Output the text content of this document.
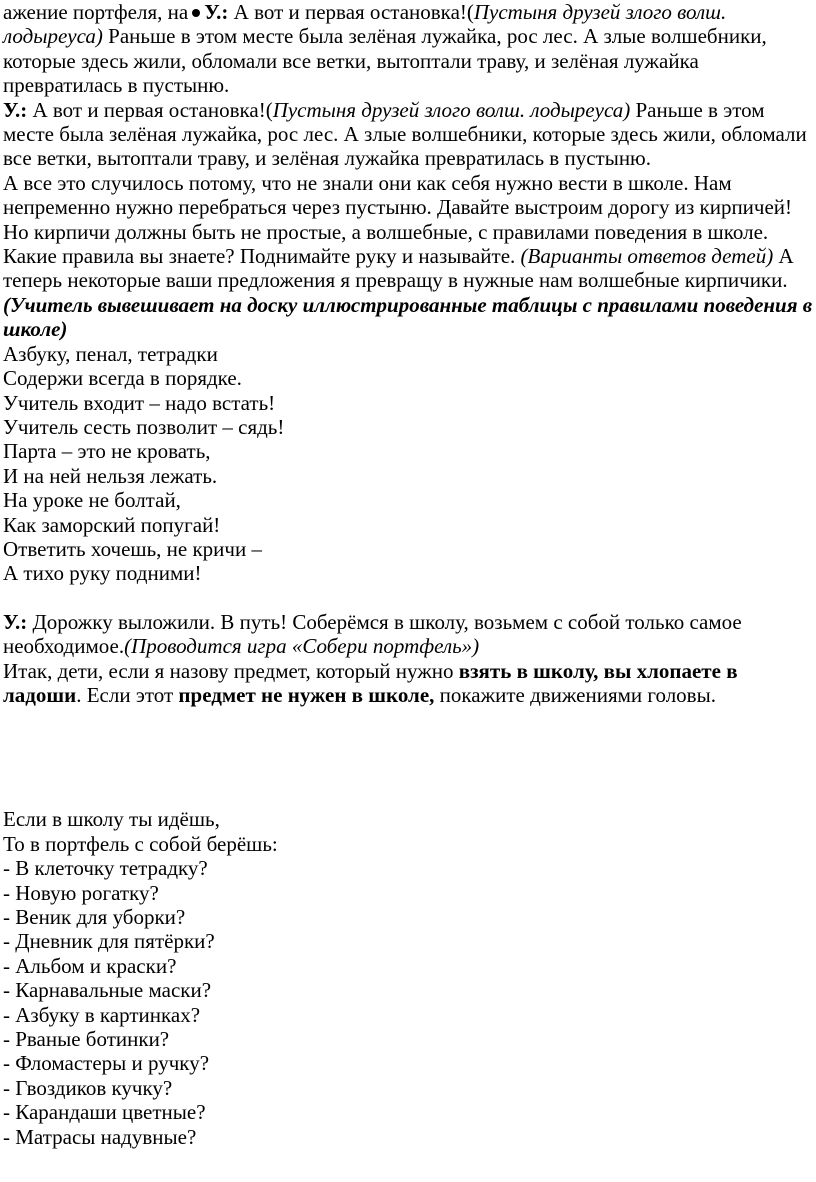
ажение портфеля, на У.: А вот и первая остановка!(Пустыня друзей злого волш. лодыреуса) Раньше в этом месте была зелёная лужайка, рос лес. А злые волшебники, которые здесь жили, обломали все ветки, вытоптали траву, и зелёная лужайка превратилась в пустыню.

У.: А вот и первая остановка!(Пустыня друзей злого волш. лодыреуса) Раньше в этом месте была зелёная лужайка, рос лес. А злые волшебники, которые здесь жили, обломали все ветки, вытоптали траву, и зелёная лужайка превратилась в пустыню.

А все это случилось потому, что не знали они как себя нужно вести в школе. Нам непременно нужно перебраться через пустыню. Давайте выстроим дорогу из кирпичей! Но кирпичи должны быть не простые, а волшебные, с правилами поведения в школе. Какие правила вы знаете? Поднимайте руку и называйте. (Варианты ответов детей) А теперь некоторые ваши предложения я превращу в нужные нам волшебные кирпичики. (Учитель вывешивает на доску иллюстрированные таблицы с правилами поведения в школе)

Азбуку, пенал, тетрадки

Содержи всегда в порядке.

Учитель входит – надо встать!

Учитель сесть позволит – сядь!

Парта – это не кровать,

И на ней нельзя лежать.

На уроке не болтай,

Как заморский попугай!

Ответить хочешь, не кричи –

А тихо руку подними!

У.: Дорожку выложили. В путь! Соберёмся в школу, возьмем с собой только самое необходимое.(Проводится игра «Собери портфель»)

Итак, дети, если я назову предмет, который нужно взять в школу, вы хлопаете в ладоши. Если этот предмет не нужен в школе, покажите движениями головы.

Если в школу ты идёшь,

То в портфель с собой берёшь:

- В клеточку тетрадку?

- Новую рогатку?

- Веник для уборки?

- Дневник для пятёрки?

- Альбом и краски?

- Карнавальные маски?

- Азбуку в картинках?

- Рваные ботинки?

- Фломастеры и ручку?

- Гвоздиков кучку?

- Карандаши цветные?

- Матрасы надувные?
